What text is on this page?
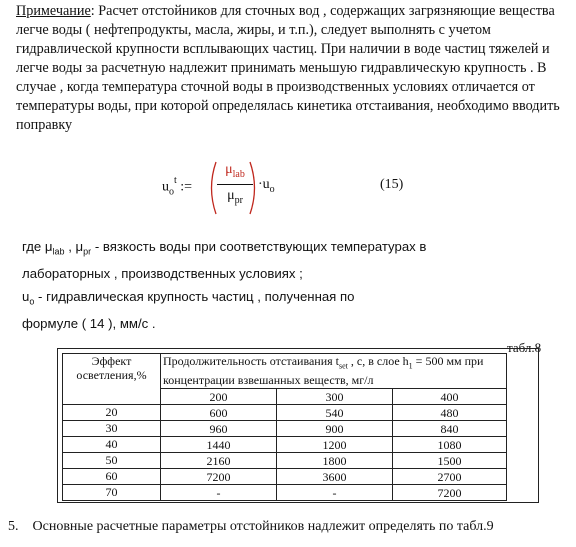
Примечание: Расчет отстойников для сточных вод , содержащих загрязняющие вещества легче воды ( нефтепродукты, масла, жиры, и т.п.), следует выполнять с учетом гидравлической крупности всплывающих частиц. При наличии в воде частиц тяжелей и легче воды за расчетную надлежит принимать меньшую гидравлическую крупность . В случае , когда температура сточной воды в производственных условиях отличается от температуры воды, при которой определялась кинетика отстаивания, необходимо вводить поправку

$u_o^t$ :=
$\mu_{lab}$
$\mu_{pr}$
$\cdot u_o$	(15)
где $\mu_{lab}$ , $\mu_{pr}$ - вязкость воды при соответствующих температурах в
лабораторных , производственных условиях ;
$u_o$ - гидравлическая крупность частиц , полученная по
формуле ( 14 ), мм/с .
табл.8
Эффект осветления,%	Продолжительность отстаивания $t_{set}$ , с, в слое $h_1 = 500$ мм при концентрации взвешанных веществ, мг/л		
	200	300	400
20	600	540	480
30	960	900	840
40	1440	1200	1080
50	2160	1800	1500
60	7200	3600	2700
70	-	-	7200
5. Основные расчетные параметры отстойников надлежит определять по табл.9
